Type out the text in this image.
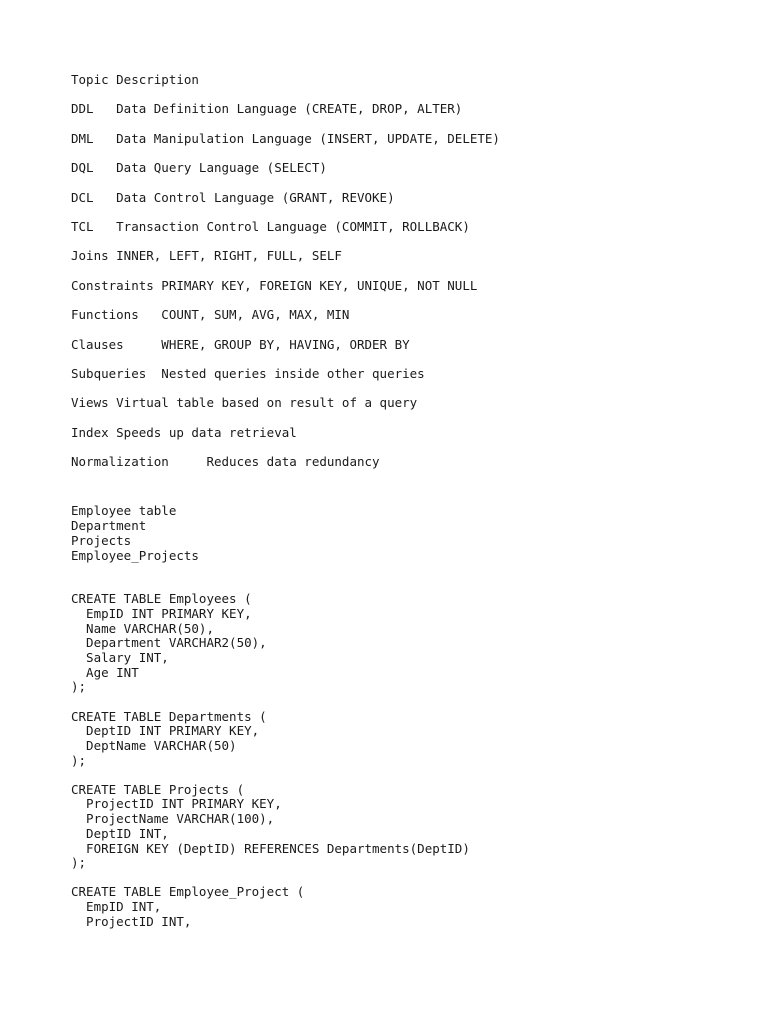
Topic Description
DDL   Data Definition Language (CREATE, DROP, ALTER)
DML   Data Manipulation Language (INSERT, UPDATE, DELETE)
DQL   Data Query Language (SELECT)
DCL   Data Control Language (GRANT, REVOKE)
TCL   Transaction Control Language (COMMIT, ROLLBACK)
Joins INNER, LEFT, RIGHT, FULL, SELF
Constraints PRIMARY KEY, FOREIGN KEY, UNIQUE, NOT NULL
Functions   COUNT, SUM, AVG, MAX, MIN
Clauses     WHERE, GROUP BY, HAVING, ORDER BY
Subqueries  Nested queries inside other queries
Views Virtual table based on result of a query
Index Speeds up data retrieval
Normalization     Reduces data redundancy
Employee table
Department
Projects
Employee_Projects
CREATE TABLE Employees (
EmpID INT PRIMARY KEY,
Name VARCHAR(50),
Department VARCHAR2(50),
Salary INT,
Age INT
);
CREATE TABLE Departments (
DeptID INT PRIMARY KEY,
DeptName VARCHAR(50)
);
CREATE TABLE Projects (
ProjectID INT PRIMARY KEY,
ProjectName VARCHAR(100),
DeptID INT,
FOREIGN KEY (DeptID) REFERENCES Departments(DeptID)
);
CREATE TABLE Employee_Project (
EmpID INT,
ProjectID INT,
